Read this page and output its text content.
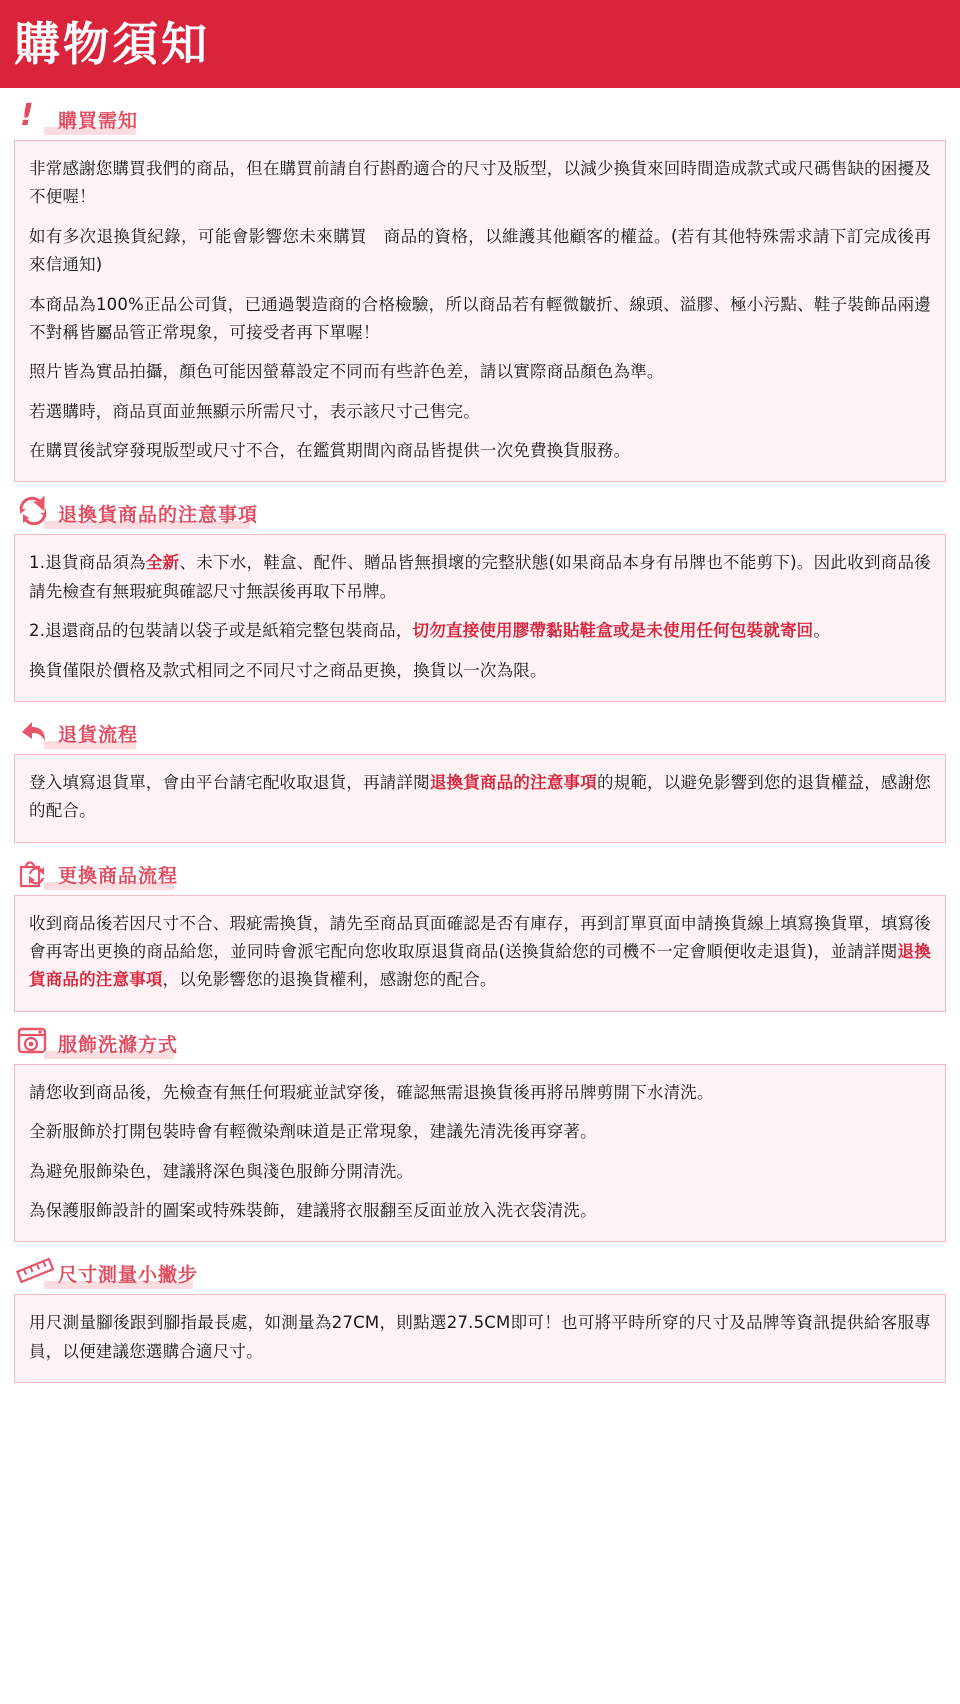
購物須知
!
購買需知

非常感謝您購買我們的商品，但在購買前請自行斟酌適合的尺寸及版型，以減少換貨來回時間造成款式或尺碼售缺的困擾及不便喔！

如有多次退換貨紀錄，可能會影響您未來購買　商品的資格，以維護其他顧客的權益。(若有其他特殊需求請下訂完成後再來信通知)

本商品為100%正品公司貨，已通過製造商的合格檢驗，所以商品若有輕微皺折、線頭、溢膠、極小污點、鞋子裝飾品兩邊不對稱皆屬品管正常現象，可接受者再下單喔！

照片皆為實品拍攝，顏色可能因螢幕設定不同而有些許色差，請以實際商品顏色為準。

若選購時，商品頁面並無顯示所需尺寸，表示該尺寸己售完。

在購買後試穿發現版型或尺寸不合，在鑑賞期間內商品皆提供一次免費換貨服務。

退換貨商品的注意事項

1.退貨商品須為全新、未下水，鞋盒、配件、贈品皆無損壞的完整狀態(如果商品本身有吊牌也不能剪下)。因此收到商品後請先檢查有無瑕疵與確認尺寸無誤後再取下吊牌。

2.退還商品的包裝請以袋子或是紙箱完整包裝商品，切勿直接使用膠帶黏貼鞋盒或是未使用任何包裝就寄回。

換貨僅限於價格及款式相同之不同尺寸之商品更換，換貨以一次為限。

退貨流程

登入填寫退貨單，會由平台請宅配收取退貨，再請詳閱退換貨商品的注意事項的規範，以避免影響到您的退貨權益，感謝您的配合。

更換商品流程

收到商品後若因尺寸不合、瑕疵需換貨，請先至商品頁面確認是否有庫存，再到訂單頁面申請換貨線上填寫換貨單，填寫後會再寄出更換的商品給您，並同時會派宅配向您收取原退貨商品(送換貨給您的司機不一定會順便收走退貨)，並請詳閱退換貨商品的注意事項，以免影響您的退換貨權利，感謝您的配合。

服飾洗滌方式

請您收到商品後，先檢查有無任何瑕疵並試穿後，確認無需退換貨後再將吊牌剪開下水清洗。

全新服飾於打開包裝時會有輕微染劑味道是正常現象，建議先清洗後再穿著。

為避免服飾染色，建議將深色與淺色服飾分開清洗。

為保護服飾設計的圖案或特殊裝飾，建議將衣服翻至反面並放入洗衣袋清洗。

尺寸測量小撇步

用尺測量腳後跟到腳指最長處，如測量為27CM，則點選27.5CM即可！也可將平時所穿的尺寸及品牌等資訊提供給客服專員，以便建議您選購合適尺寸。
